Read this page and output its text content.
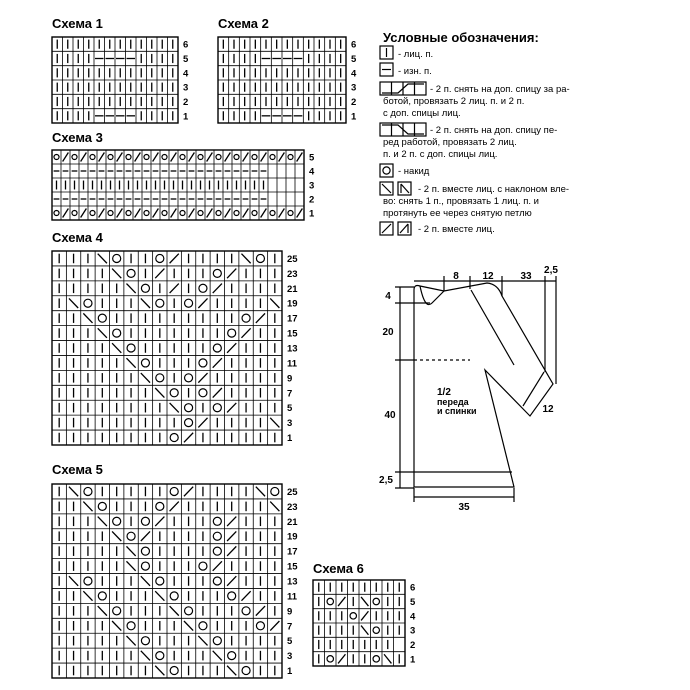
Схема 1	Схема 2
Схема 3
Схема 4
Схема 5
Схема 6
Условные обозначения:
- лиц. п.
- изн. п.
- 2 п. снять на доп. спицу за ра-
ботой, провязать 2 лиц. п. и 2 п.
с доп. спицы лиц.
- 2 п. снять на доп. спицу пе-
ред работой, провязать 2 лиц.
п. и 2 п. с доп. спицы лиц.
- накид
- 2 п. вместе лиц. с наклоном вле-
во: снять 1 п., провязать 1 лиц. п. и
протянуть ее через снятую петлю
- 2 п. вместе лиц.
6
5
4
3
2
1
6
5
4
3
2
1
5
4
3
2
1
25
23
21
19
17
15
13
11
9
7
5
3
1
25
23
21
19
17
15
13
11
9
7
5
3
1
6
5
4
3
2
1
8 12	33
2,5
4
20
40
2,5
35
12
1/2
переда
и спинки
